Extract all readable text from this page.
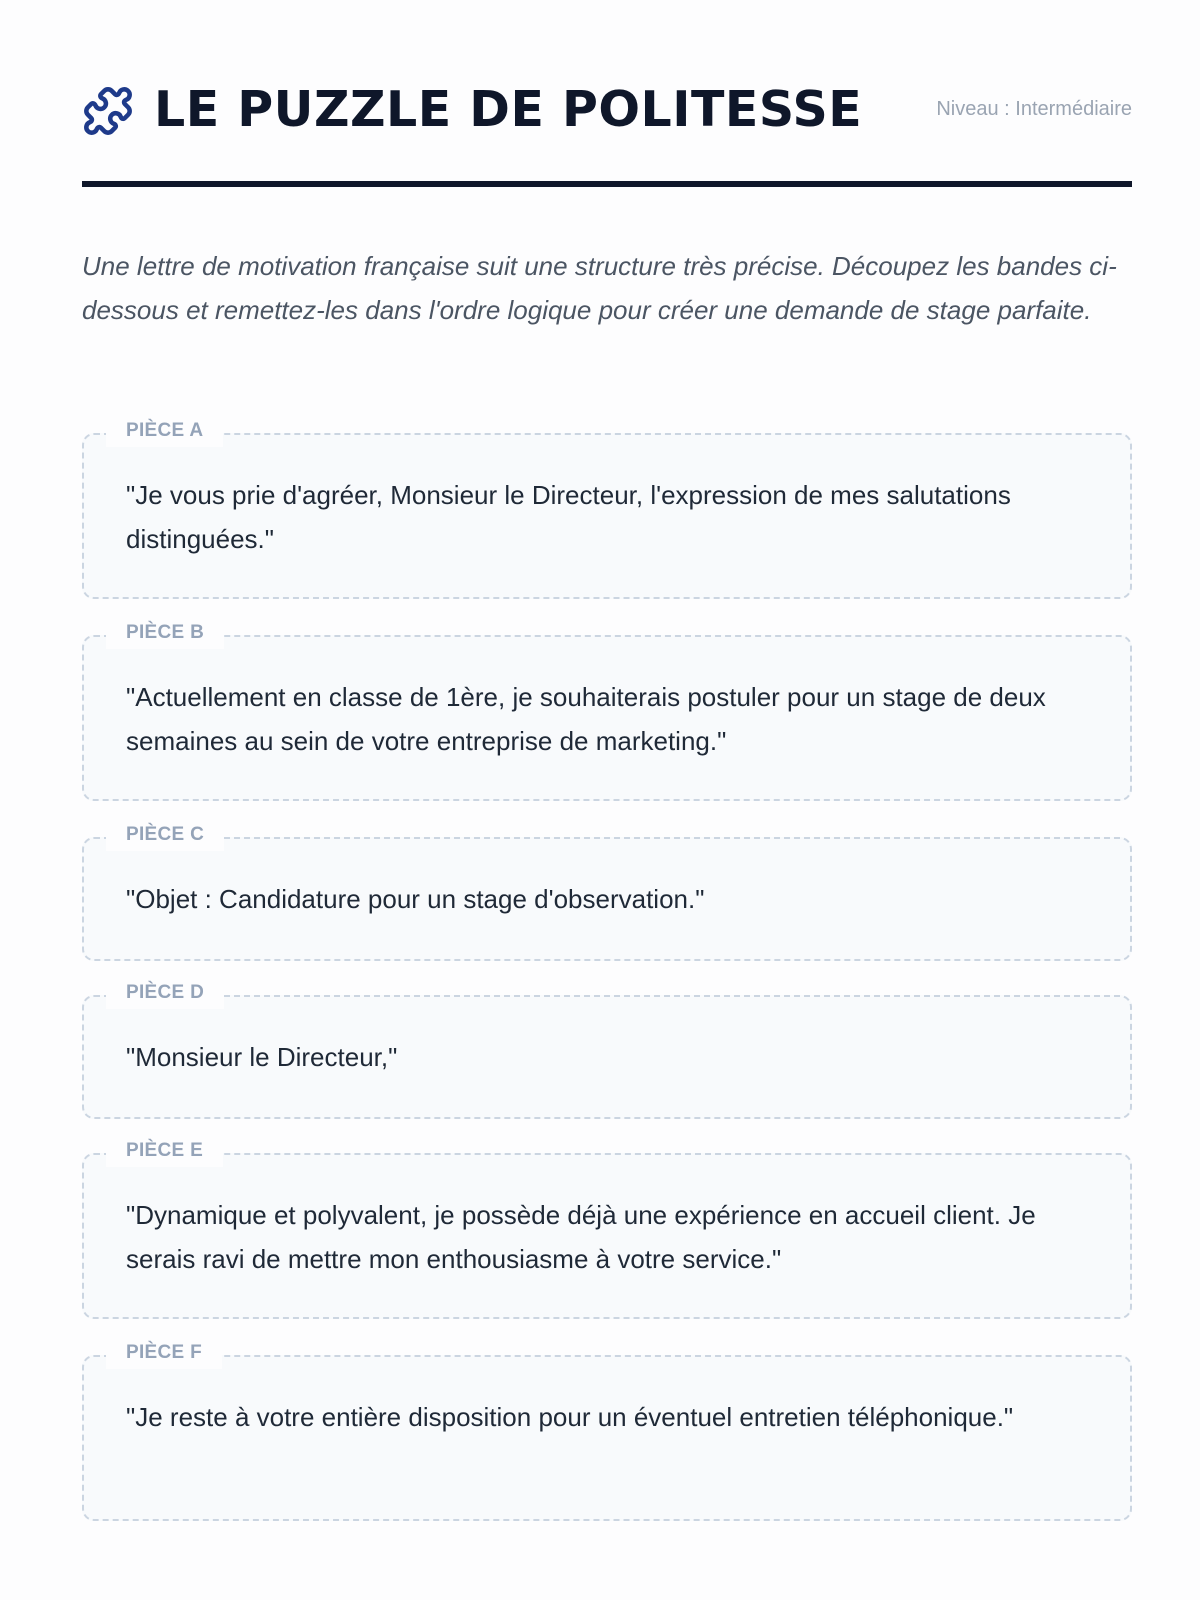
LE PUZZLE DE POLITESSE	Niveau : Intermédiaire

Une lettre de motivation française suit une structure très précise. Découpez les bandes ci-dessous et remettez-les dans l'ordre logique pour créer une demande de stage parfaite.

PIÈCE A

"Je vous prie d'agréer, Monsieur le Directeur, l'expression de mes salutations distinguées."

PIÈCE B

"Actuellement en classe de 1ère, je souhaiterais postuler pour un stage de deux semaines au sein de votre entreprise de marketing."

PIÈCE C

"Objet : Candidature pour un stage d'observation."

PIÈCE D

"Monsieur le Directeur,"

PIÈCE E

"Dynamique et polyvalent, je possède déjà une expérience en accueil client. Je serais ravi de mettre mon enthousiasme à votre service."

PIÈCE F

"Je reste à votre entière disposition pour un éventuel entretien téléphonique."
